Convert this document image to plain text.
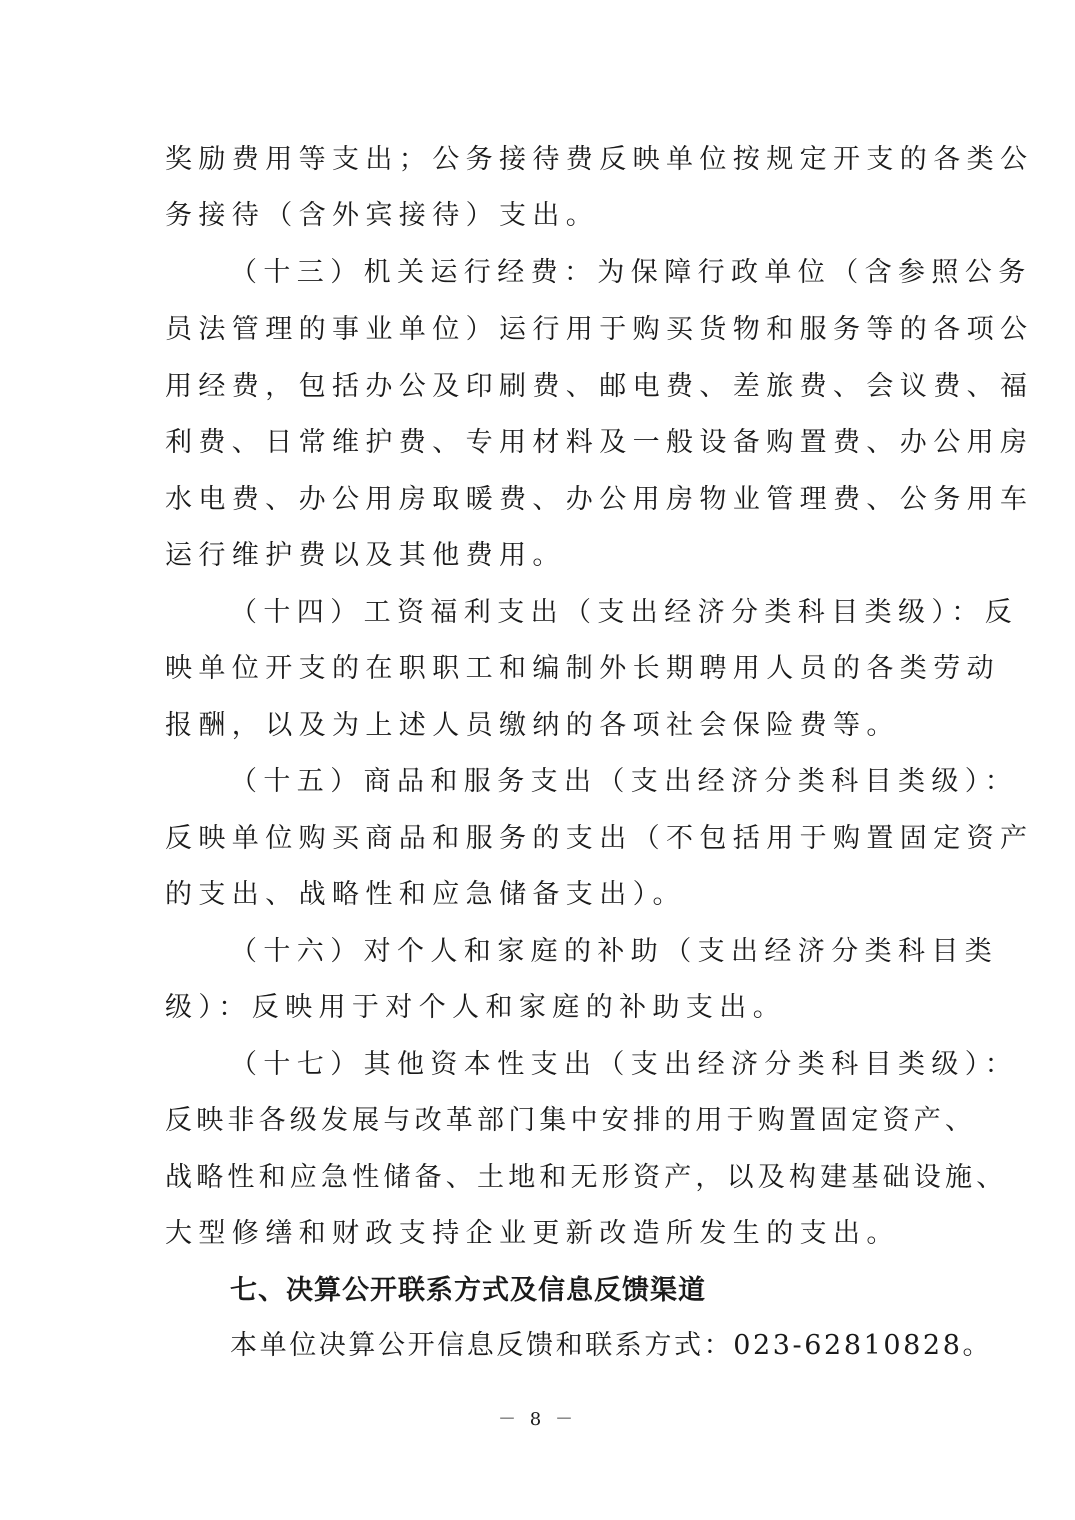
奖励费用等支出；公务接待费反映单位按规定开支的各类公
务接待（含外宾接待）支出。
（十三）机关运行经费：为保障行政单位（含参照公务
员法管理的事业单位）运行用于购买货物和服务等的各项公
用经费，包括办公及印刷费、邮电费、差旅费、会议费、福
利费、日常维护费、专用材料及一般设备购置费、办公用房
水电费、办公用房取暖费、办公用房物业管理费、公务用车
运行维护费以及其他费用。
（十四）工资福利支出（支出经济分类科目类级）：反
映单位开支的在职职工和编制外长期聘用人员的各类劳动
报酬，以及为上述人员缴纳的各项社会保险费等。
（十五）商品和服务支出（支出经济分类科目类级）：
反映单位购买商品和服务的支出（不包括用于购置固定资产
的支出、战略性和应急储备支出）。
（十六）对个人和家庭的补助（支出经济分类科目类
级）：反映用于对个人和家庭的补助支出。
（十七）其他资本性支出（支出经济分类科目类级）：
反映非各级发展与改革部门集中安排的用于购置固定资产、
战略性和应急性储备、土地和无形资产，以及构建基础设施、
大型修缮和财政支持企业更新改造所发生的支出。
七、决算公开联系方式及信息反馈渠道
本单位决算公开信息反馈和联系方式：023-62810828。
－ 8 －
